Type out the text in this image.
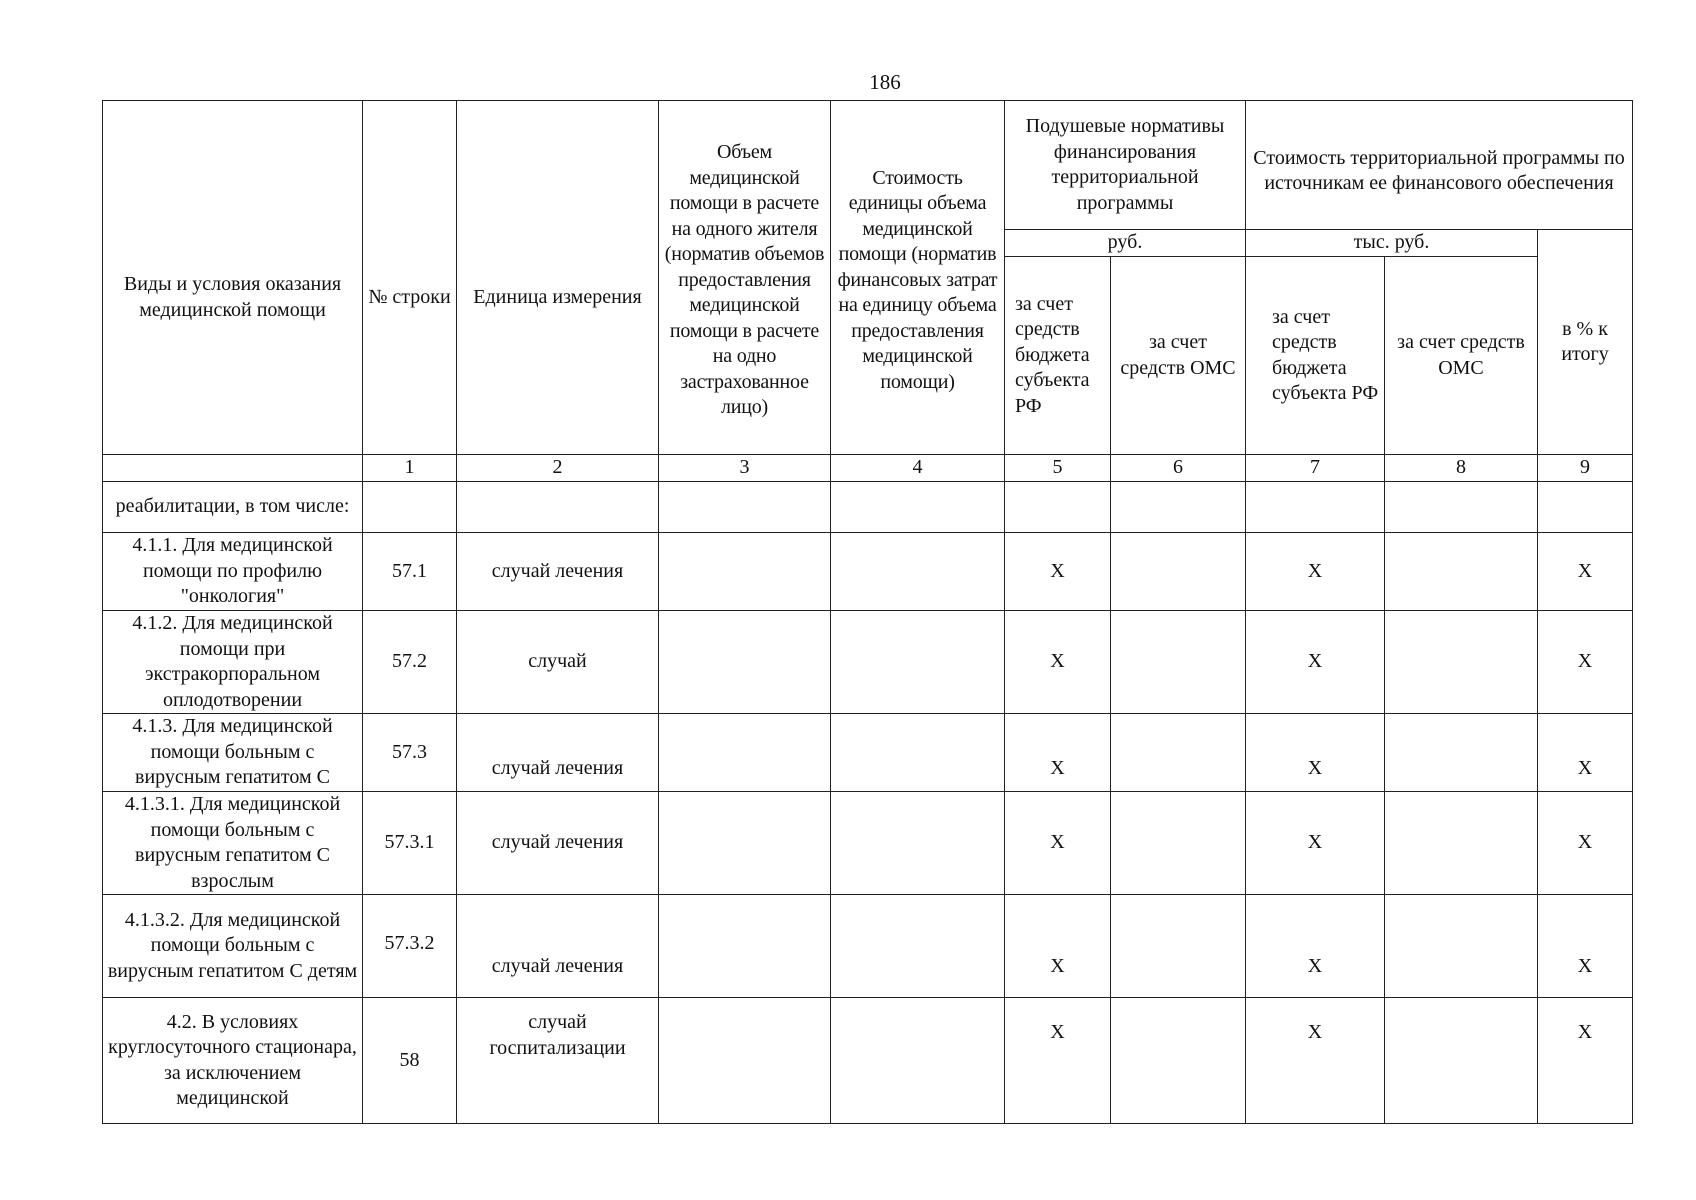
186
Виды и условия оказания медицинской помощи	№ строки	Единица измерения	Объем медицинской помощи в расчете на одного жителя (норматив объемов предоставления медицинской помощи в расчете на одно застрахованное лицо)	Стоимость единицы объема медицинской помощи (норматив финансовых затрат на единицу объема предоставления медицинской помощи)	Подушевые нормативы финансирования территориальной программы		Стоимость территориальной программы по источникам ее финансового обеспечения		
					руб.		тыс. руб.		в % к итогу
					за счет средств бюджета субъекта РФ	за счет средств ОМС	за счет средств бюджета субъекта РФ	за счет средств ОМС	
	1	2	3	4	5	6	7	8	9
реабилитации, в том числе:									
4.1.1. Для медицинской помощи по профилю "онкология"	57.1	случай лечения			Х		Х		Х
4.1.2. Для медицинской помощи при экстракорпоральном оплодотворении	57.2	случай			Х		Х		Х
4.1.3. Для медицинской помощи больным с вирусным гепатитом С	57.3	случай лечения			Х		Х		Х
4.1.3.1. Для медицинской помощи больным с вирусным гепатитом С взрослым	57.3.1	случай лечения			Х		Х		Х
4.1.3.2. Для медицинской помощи больным с вирусным гепатитом С детям	57.3.2	случай лечения			Х		Х		Х
4.2. В условиях круглосуточного стационара, за исключением медицинской	58	случай госпитализации			Х		Х		Х
